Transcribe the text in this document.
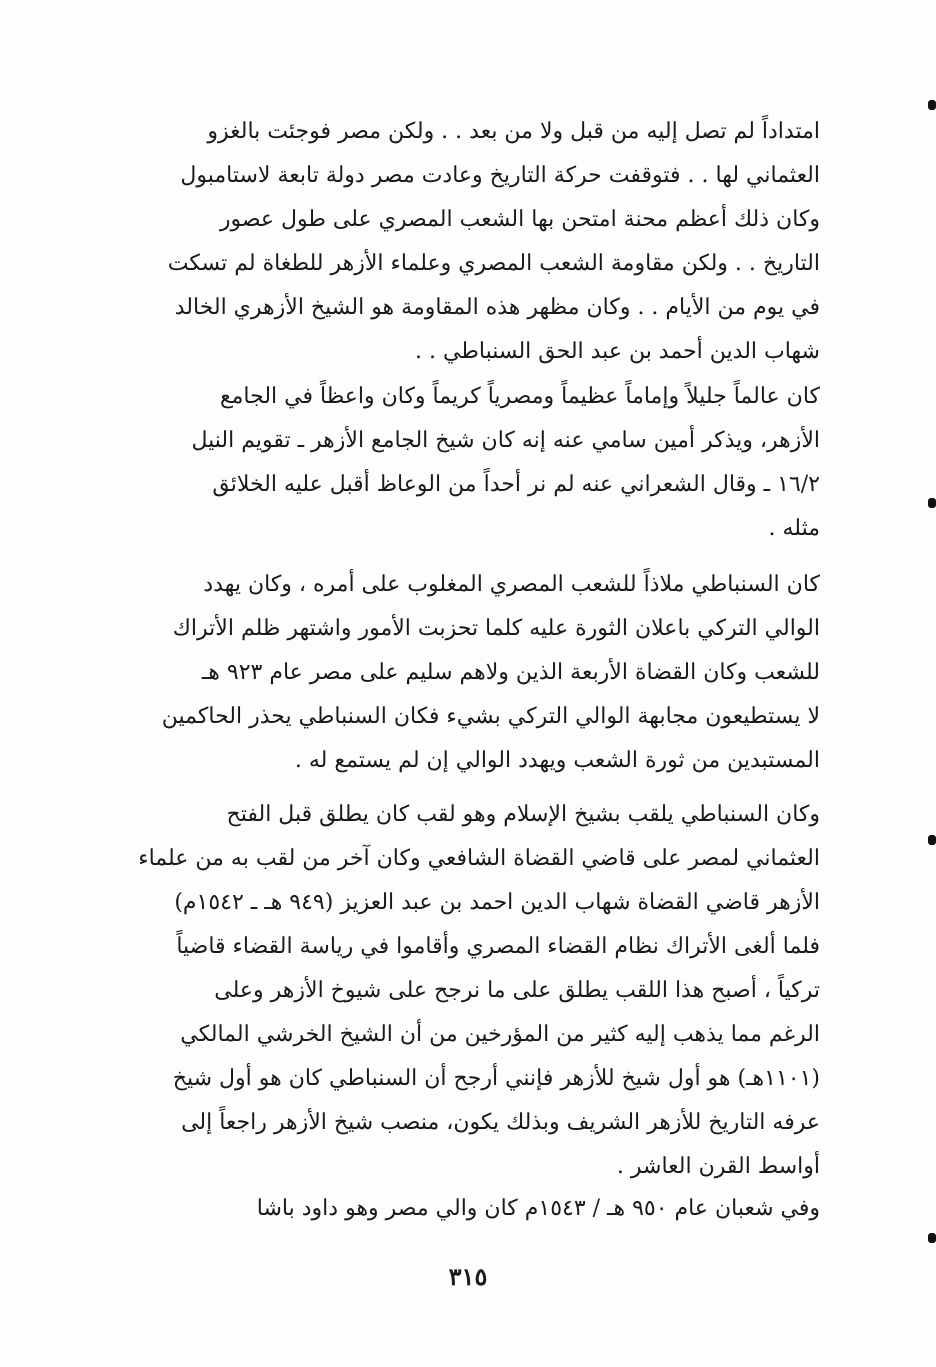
امتداداً لم تصل إليه من قبل ولا من بعد . . ولكن مصر فوجئت بالغزو
العثماني لها . . فتوقفت حركة التاريخ وعادت مصر دولة تابعة لاستامبول
وكان ذلك أعظم محنة امتحن بها الشعب المصري على طول عصور
التاريخ . . ولكن مقاومة الشعب المصري وعلماء الأزهر للطغاة لم تسكت
في يوم من الأيام . . وكان مظهر هذه المقاومة هو الشيخ الأزهري الخالد
شهاب الدين أحمد بن عبد الحق السنباطي . .
كان عالماً جليلاً وإماماً عظيماً ومصرياً كريماً وكان واعظاً في الجامع
الأزهر، ويذكر أمين سامي عنه إنه كان شيخ الجامع الأزهر ـ تقويم النيل
١٦/٢ ـ وقال الشعراني عنه لم نر أحداً من الوعاظ أقبل عليه الخلائق
مثله .
كان السنباطي ملاذاً للشعب المصري المغلوب على أمره ، وكان يهدد
الوالي التركي باعلان الثورة عليه كلما تحزبت الأمور واشتهر ظلم الأتراك
للشعب وكان القضاة الأربعة الذين ولاهم سليم على مصر عام ٩٢٣ هـ
لا يستطيعون مجابهة الوالي التركي بشيء فكان السنباطي يحذر الحاكمين
المستبدين من ثورة الشعب ويهدد الوالي إن لم يستمع له .
وكان السنباطي يلقب بشيخ الإسلام وهو لقب كان يطلق قبل الفتح
العثماني لمصر على قاضي القضاة الشافعي وكان آخر من لقب به من علماء
الأزهر قاضي القضاة شهاب الدين احمد بن عبد العزيز (٩٤٩ هـ ـ ١٥٤٢م)
فلما ألغى الأتراك نظام القضاء المصري وأقاموا في رياسة القضاء قاضياً
تركياً ، أصبح هذا اللقب يطلق على ما نرجح على شيوخ الأزهر وعلى
الرغم مما يذهب إليه كثير من المؤرخين من أن الشيخ الخرشي المالكي
(١١٠١هـ) هو أول شيخ للأزهر فإنني أرجح أن السنباطي كان هو أول شيخ
عرفه التاريخ للأزهر الشريف وبذلك يكون، منصب شيخ الأزهر راجعاً إلى
أواسط القرن العاشر .
وفي شعبان عام ٩٥٠ هـ / ١٥٤٣م كان والي مصر وهو داود باشا
٣١٥
